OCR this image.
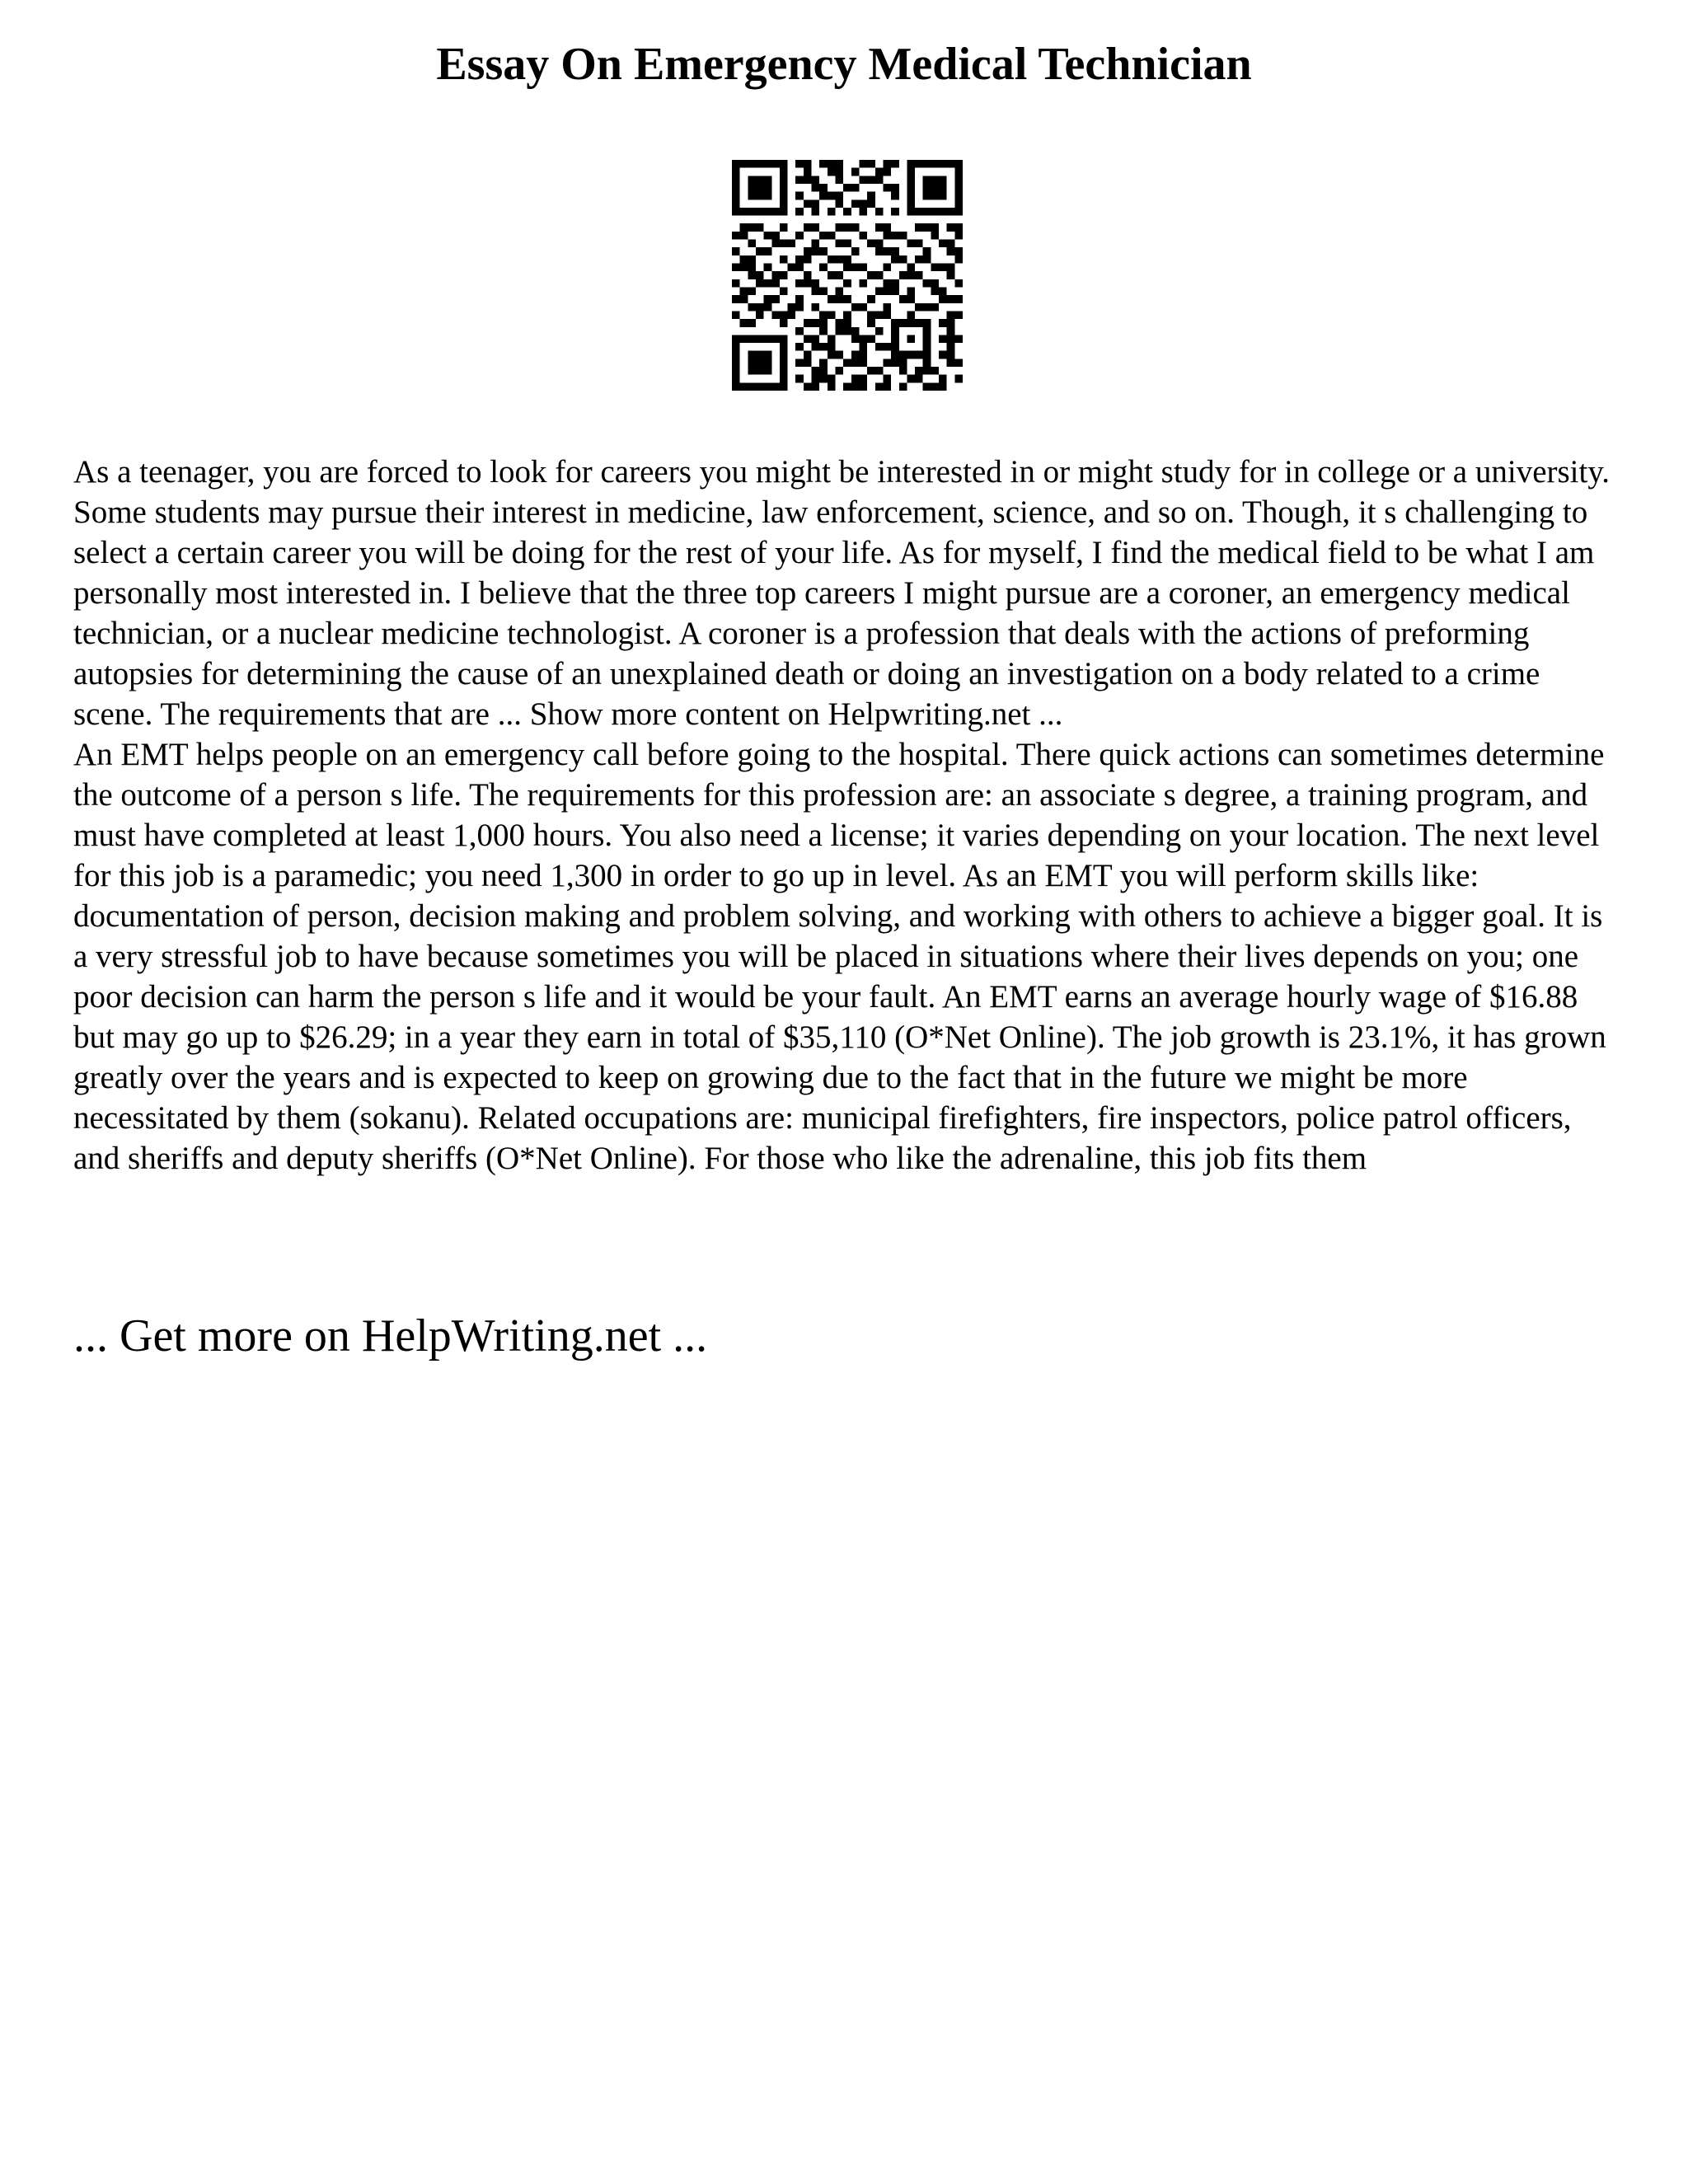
Essay On Emergency Medical Technician

As a teenager, you are forced to look for careers you might be interested in or might study for in college or a university. Some students may pursue their interest in medicine, law enforcement, science, and so on. Though, it s challenging to select a certain career you will be doing for the rest of your life. As for myself, I find the medical field to be what I am personally most interested in. I believe that the three top careers I might pursue are a coroner, an emergency medical technician, or a nuclear medicine technologist. A coroner is a profession that deals with the actions of preforming autopsies for determining the cause of an unexplained death or doing an investigation on a body related to a crime scene. The requirements that are ... Show more content on Helpwriting.net ...

An EMT helps people on an emergency call before going to the hospital. There quick actions can sometimes determine the outcome of a person s life. The requirements for this profession are: an associate s degree, a training program, and must have completed at least 1,000 hours. You also need a license; it varies depending on your location. The next level for this job is a paramedic; you need 1,300 in order to go up in level. As an EMT you will perform skills like: documentation of person, decision making and problem solving, and working with others to achieve a bigger goal. It is a very stressful job to have because sometimes you will be placed in situations where their lives depends on you; one poor decision can harm the person s life and it would be your fault. An EMT earns an average hourly wage of $16.88 but may go up to $26.29; in a year they earn in total of $35,110 (O*Net Online). The job growth is 23.1%, it has grown greatly over the years and is expected to keep on growing due to the fact that in the future we might be more necessitated by them (sokanu). Related occupations are: municipal firefighters, fire inspectors, police patrol officers, and sheriffs and deputy sheriffs (O*Net Online). For those who like the adrenaline, this job fits them

... Get more on HelpWriting.net ...
